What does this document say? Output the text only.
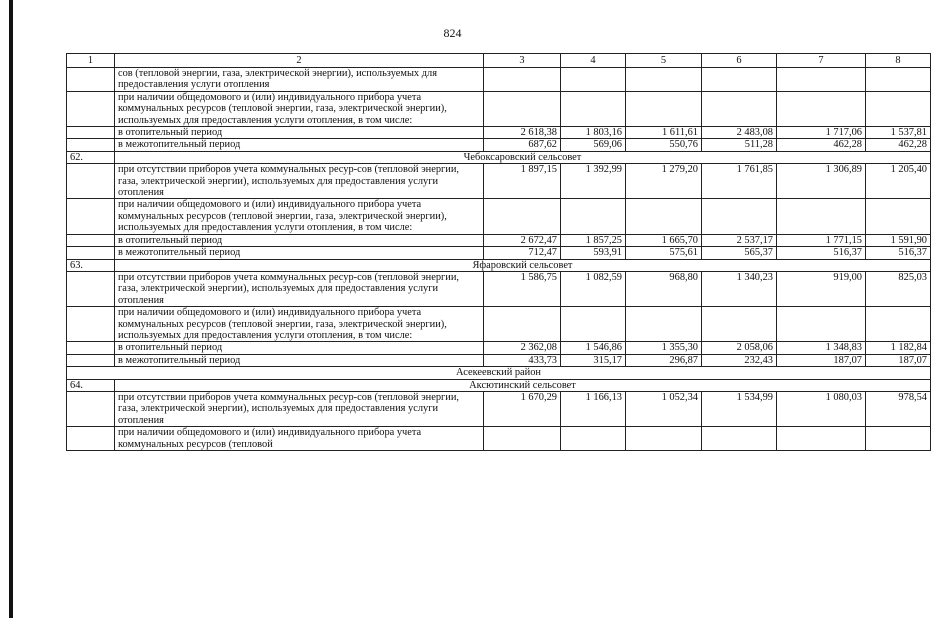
824
1	2	3	4	5	6	7	8
	сов (тепловой энергии, газа, электрической энергии), используемых для предоставления услуги отопления						
	при наличии общедомового и (или) индивидуального прибора учета коммунальных ресурсов (тепловой энергии, газа, электрической энергии), используемых для предоставления услуги отопления, в том числе:						
	в отопительный период	2 618,38	1 803,16	1 611,61	2 483,08	1 717,06	1 537,81
	в межотопительный период	687,62	569,06	550,76	511,28	462,28	462,28
62.	Чебоксаровский сельсовет						
	при отсутствии приборов учета коммунальных ресур-сов (тепловой энергии, газа, электрической энергии), используемых для предоставления услуги отопления	1 897,15	1 392,99	1 279,20	1 761,85	1 306,89	1 205,40
	при наличии общедомового и (или) индивидуального прибора учета коммунальных ресурсов (тепловой энергии, газа, электрической энергии), используемых для предоставления услуги отопления, в том числе:						
	в отопительный период	2 672,47	1 857,25	1 665,70	2 537,17	1 771,15	1 591,90
	в межотопительный период	712,47	593,91	575,61	565,37	516,37	516,37
63.	Яфаровский сельсовет						
	при отсутствии приборов учета коммунальных ресур-сов (тепловой энергии, газа, электрической энергии), используемых для предоставления услуги отопления	1 586,75	1 082,59	968,80	1 340,23	919,00	825,03
	при наличии общедомового и (или) индивидуального прибора учета коммунальных ресурсов (тепловой энергии, газа, электрической энергии), используемых для предоставления услуги отопления, в том числе:						
	в отопительный период	2 362,08	1 546,86	1 355,30	2 058,06	1 348,83	1 182,84
	в межотопительный период	433,73	315,17	296,87	232,43	187,07	187,07
Асекеевский район							
64.	Аксютинский сельсовет						
	при отсутствии приборов учета коммунальных ресур-сов (тепловой энергии, газа, электрической энергии), используемых для предоставления услуги отопления	1 670,29	1 166,13	1 052,34	1 534,99	1 080,03	978,54
	при наличии общедомового и (или) индивидуального прибора учета коммунальных ресурсов (тепловой						
